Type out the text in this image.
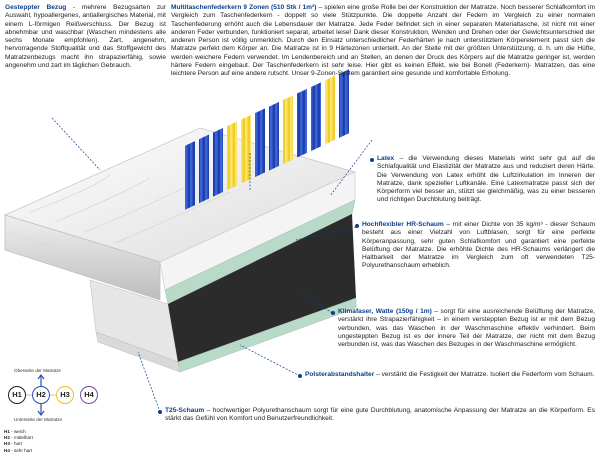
Gesteppter Bezug - mehrere Bezugsarten zur Auswahl, hypoallergenes, antiallergisches Material, mit einem L-förmigen Reißverschluss. Der Bezug ist abnehmbar und waschbar (Waschen mindestens alle sechs Monate empfohlen). Zart, angenehm, hervorragende Stoffqualität und das Stoffgewicht des Matratzenbezugs macht ihn strapazierfähig, sowie angenehm und zart im täglichen Gebrauch.
Multitaschenfederkern 9 Zonen (510 Stk / 1m²) – spielen eine große Rolle bei der Konstruktion der Matratze. Noch besserer Schlafkomfort im Vergleich zum Taschenfederkern - doppelt so viele Stützpunkte. Die doppelte Anzahl der Federn im Vergleich zu einer normalen Taschenfederung erhöht auch die Lebensdauer der Matratze. Jede Feder befindet sich in einer separaten Materialtasche, ist nicht mit einer anderen Feder verbunden, funktioniert separat, arbeitet leise! Dank dieser Konstruktion, Wenden und Drehen oder der Gewichtsunterschied der anderen Person ist völlig unmerklich. Durch den Einsatz unterschiedlicher Federhärten je nach unterstütztem Körperelement passt sich die Matratze perfekt dem Körper an. Die Matratze ist in 9 Härtezonen unterteilt. An der Stelle mit der größten Unterstützung, d. h. um die Hüfte, werden weichere Federn verwendet. Im Lendenbereich und an Stellen, an denen der Druck des Körpers auf die Matratze geringer ist, werden härtere Federn eingebaut. Der Taschenfederkern ist sehr leise. Hier gibt es keinen Effekt, wie bei Bonell (Federkern)- Matratzen, das eine leichtere Person auf eine andere rutscht. Unser 9-Zonen-System garantiert eine gesunde und komfortable Erholung.
Latex – die Verwendung dieses Materials wirkt sehr gut auf die Schlafqualität und Elastizität der Matratze aus und reduziert deren Härte. Die Verwendung von Latex erhöht die Luftzirkulation im Inneren der Matratze, dank spezieller Luftkanäle. Eine Latexmatratze passt sich der Körperform viel besser an, stützt sie gleichmäßig, was zu einer besseren und richtigen Durchblutung beiträgt.
Hochflexibler HR-Schaum – mit einer Dichte von 35 kg/m³ - dieser Schaum besteht aus einer Vielzahl von Luftblasen, sorgt für eine perfekte Körperanpassung, sehr guten Schlafkomfort und garantiert eine perfekte Belüftung der Matratze. Die erhöhte Dichte des HR-Schaums verlängert die Haltbarkeit der Matratze im Vergleich zum oft verwendeten T25-Polyurethanschaum erheblich.
Klimafaser, Watte (150g / 1m) – sorgt für eine ausreichende Belüftung der Matratze, verstärkt ihre Strapazierfähigkeit – in einem versteppten Bezug ist er mit dem Bezug verbunden, was das Waschen in der Waschmaschine effektiv verhindert. Beim ungesteppten Bezug ist es der innere Teil der Matratze, der nicht mit dem Bezug verbunden ist, was das Waschen des Bezuges in der Waschmaschine ermöglicht.
Polsterabstandshalter – verstärkt die Festigkeit der Matratze. Isoliert die Federform vom Schaum.
T25-Schaum – hochwertiger Polyurethanschaum sorgt für eine gute Durchblutung, anatomische Anpassung der Matratze an die Körperform. Es stärkt das Gefühl von Komfort und Benutzerfreundlichkeit.
Oberseite der Matratze
H1	H2	H3	H4
Unterseite der Matratze
H1 - weich
H2 - mittelhart
H3 - hart
H4 - sehr hart
